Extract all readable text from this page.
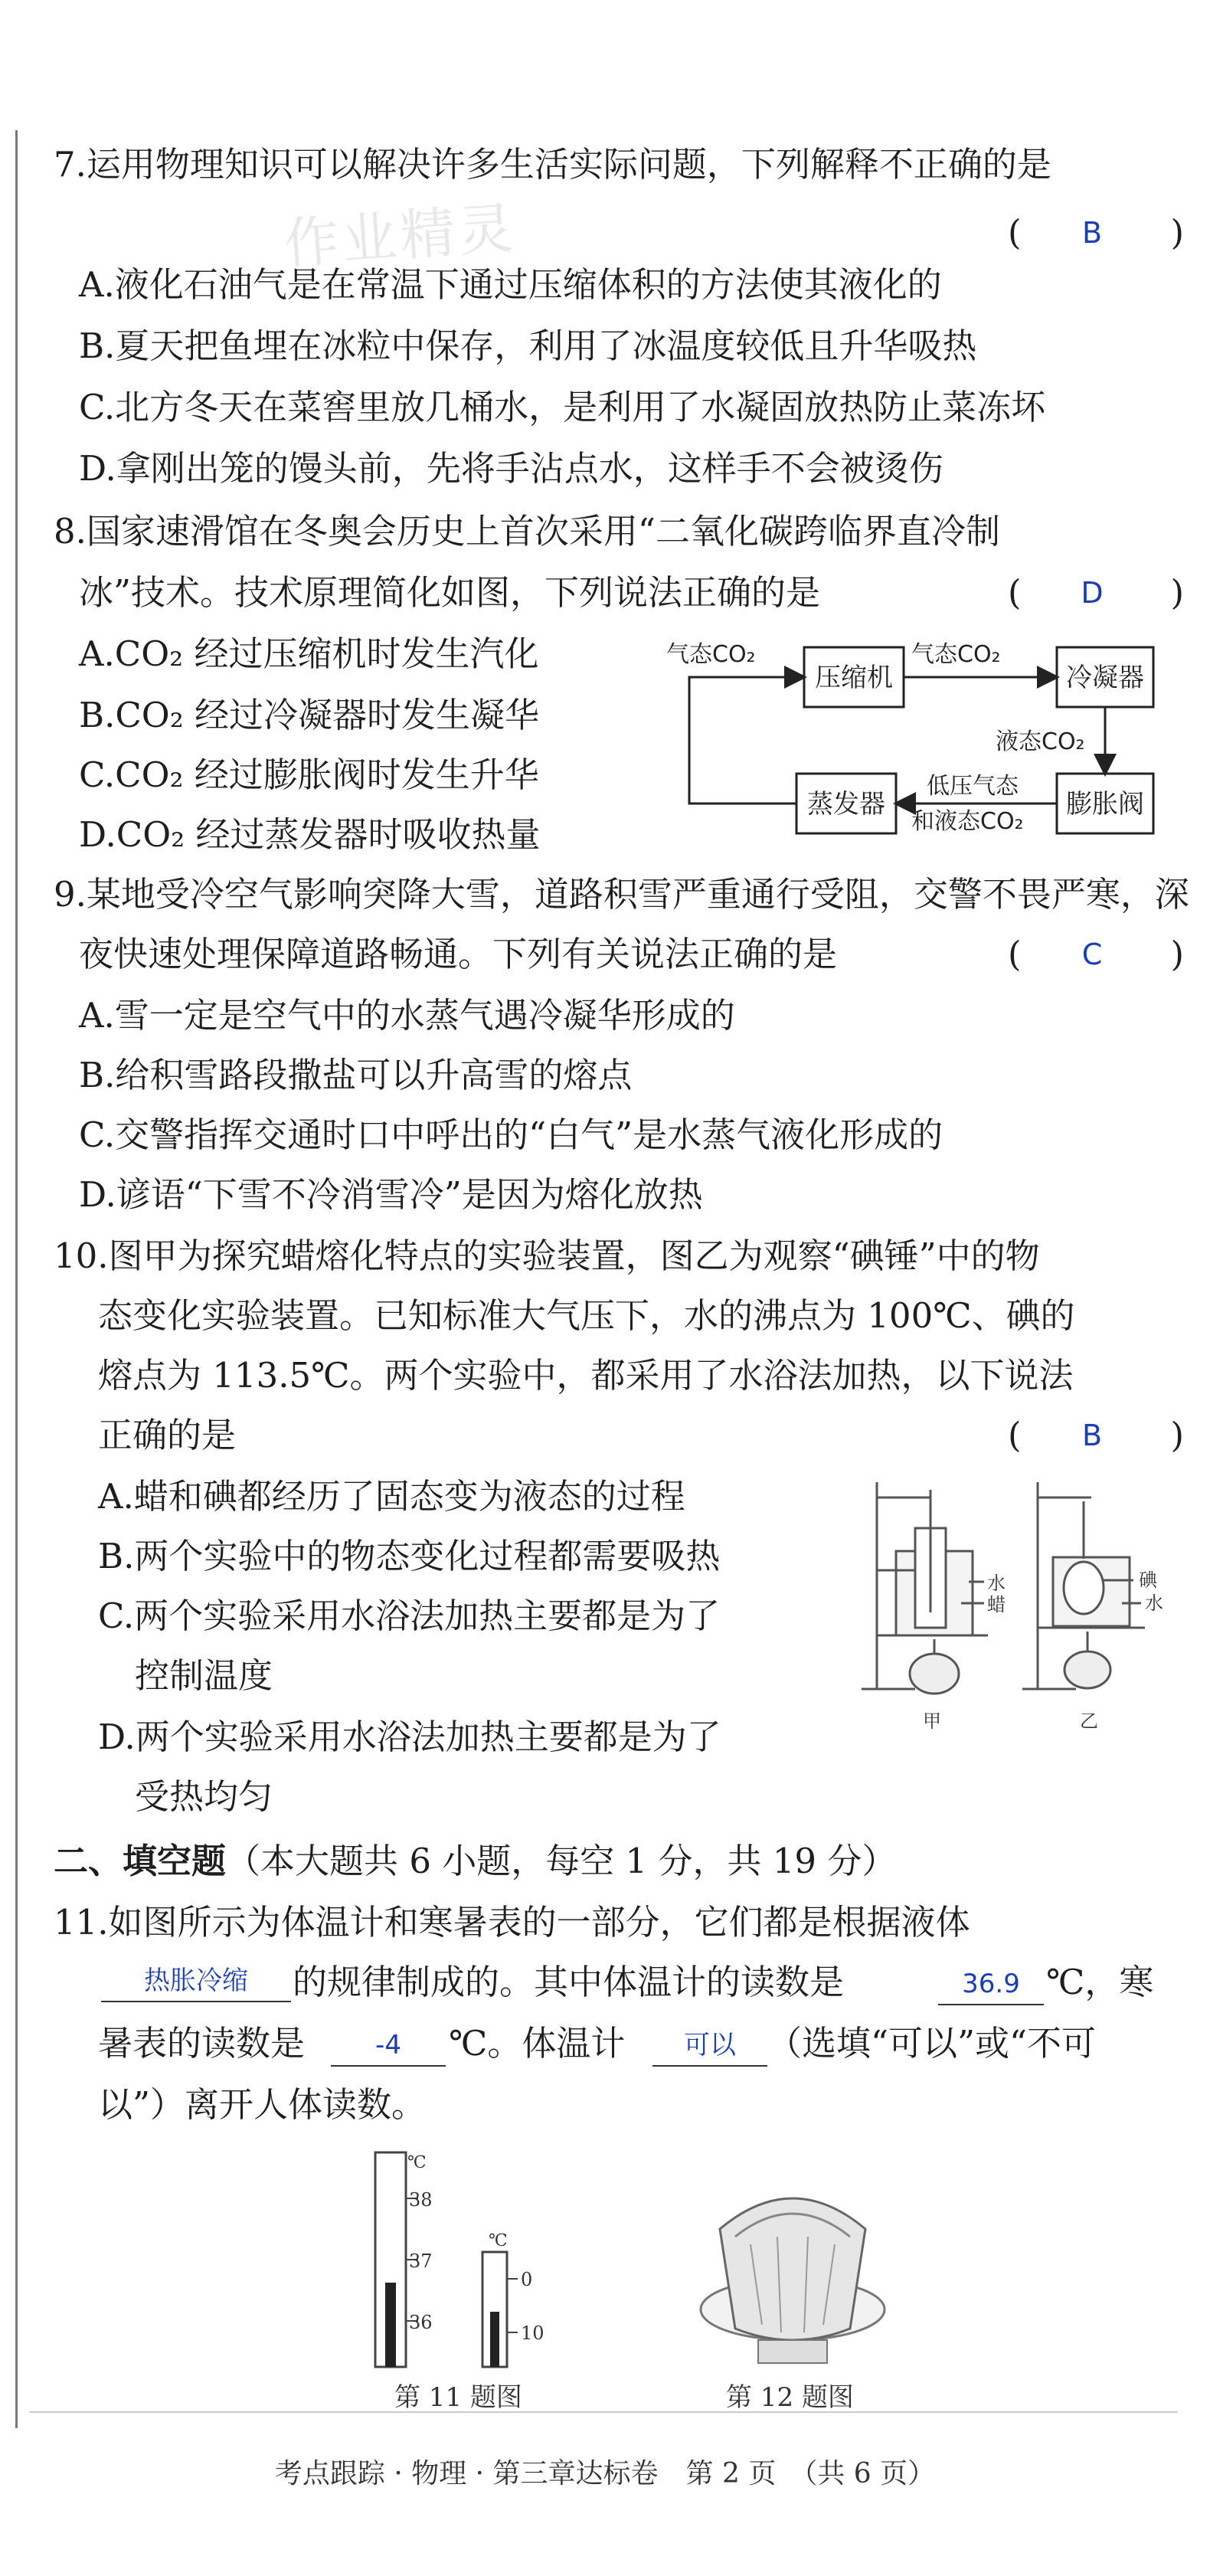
作业精灵
7.运用物理知识可以解决许多生活实际问题，下列解释不正确的是
(	B	)
A.液化石油气是在常温下通过压缩体积的方法使其液化的
B.夏天把鱼埋在冰粒中保存，利用了冰温度较低且升华吸热
C.北方冬天在菜窖里放几桶水，是利用了水凝固放热防止菜冻坏
D.拿刚出笼的馒头前，先将手沾点水，这样手不会被烫伤
8.国家速滑馆在冬奥会历史上首次采用“二氧化碳跨临界直冷制
冰”技术。技术原理简化如图，下列说法正确的是	(	D	)
A.CO₂ 经过压缩机时发生汽化
B.CO₂ 经过冷凝器时发生凝华
C.CO₂ 经过膨胀阀时发生升华
D.CO₂ 经过蒸发器时吸收热量
压缩机	冷凝器
膨胀阀
蒸发器
气态CO₂	气态CO₂
液态CO₂
低压气态
和液态CO₂
9.某地受冷空气影响突降大雪，道路积雪严重通行受阻，交警不畏严寒，深
夜快速处理保障道路畅通。下列有关说法正确的是	(	C	)
A.雪一定是空气中的水蒸气遇冷凝华形成的
B.给积雪路段撒盐可以升高雪的熔点
C.交警指挥交通时口中呼出的“白气”是水蒸气液化形成的
D.谚语“下雪不冷消雪冷”是因为熔化放热
10.图甲为探究蜡熔化特点的实验装置，图乙为观察“碘锤”中的物
态变化实验装置。已知标准大气压下，水的沸点为 100℃、碘的
熔点为 113.5℃。两个实验中，都采用了水浴法加热，以下说法
正确的是	(	B	)
A.蜡和碘都经历了固态变为液态的过程
B.两个实验中的物态变化过程都需要吸热
C.两个实验采用水浴法加热主要都是为了
控制温度
D.两个实验采用水浴法加热主要都是为了
受热均匀
水
蜡
碘
水
甲	乙
二、填空题（本大题共 6 小题，每空 1 分，共 19 分）
11.如图所示为体温计和寒暑表的一部分，它们都是根据液体
热胀冷缩	的规律制成的。其中体温计的读数是	36.9 ℃，寒
暑表的读数是	-4	℃。体温计	可以 （选填“可以”或“不可
以”）离开人体读数。
℃
38
37
36
℃
0
10
第 11 题图	第 12 题图
考点跟踪 · 物理 · 第三章达标卷　第 2 页　（共 6 页）
